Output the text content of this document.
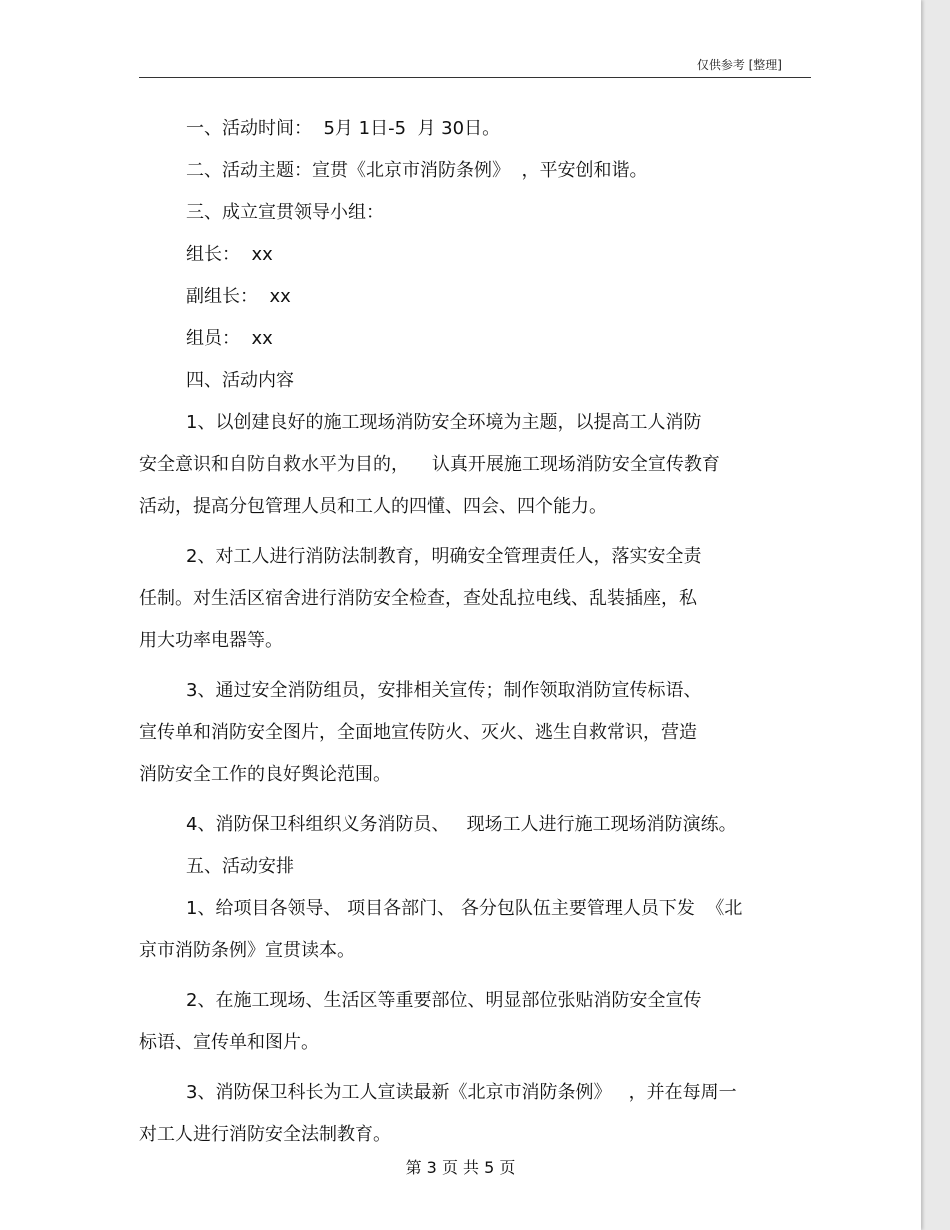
仅供参考 [整理]
一、活动时间：  5月 1日-5  月 30日。
二、活动主题：宣贯《北京市消防条例》  ，平安创和谐。
三、成立宣贯领导小组：
组长：  xx
副组长：  xx
组员：  xx
四、活动内容
1、以创建良好的施工现场消防安全环境为主题，以提高工人消防
安全意识和自防自救水平为目的，    认真开展施工现场消防安全宣传教育
活动，提高分包管理人员和工人的四懂、四会、四个能力。
2、对工人进行消防法制教育，明确安全管理责任人，落实安全责
任制。对生活区宿舍进行消防安全检查，查处乱拉电线、乱装插座，私
用大功率电器等。
3、通过安全消防组员，安排相关宣传；制作领取消防宣传标语、
宣传单和消防安全图片，全面地宣传防火、灭火、逃生自救常识，营造
消防安全工作的良好舆论范围。
4、消防保卫科组织义务消防员、   现场工人进行施工现场消防演练。
五、活动安排
1、给项目各领导、 项目各部门、 各分包队伍主要管理人员下发  《北
京市消防条例》宣贯读本。
2、在施工现场、生活区等重要部位、明显部位张贴消防安全宣传
标语、宣传单和图片。
3、消防保卫科长为工人宣读最新《北京市消防条例》   ，并在每周一
对工人进行消防安全法制教育。
第 3 页 共 5 页
